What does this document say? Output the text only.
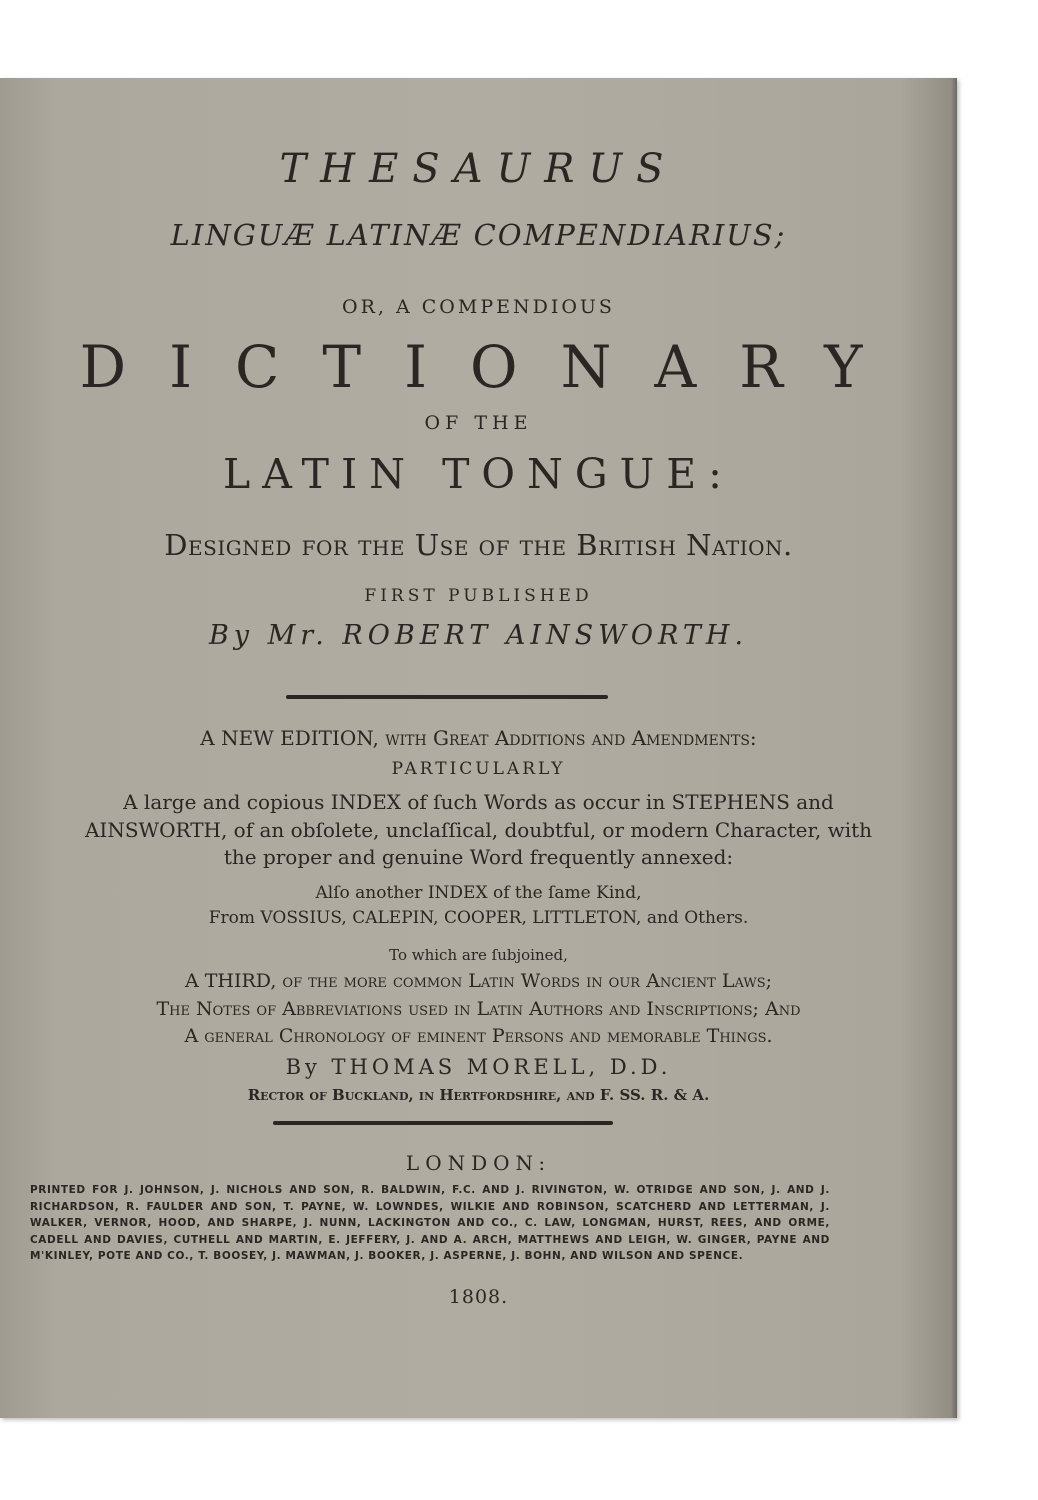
THESAURUS
LINGUÆ LATINÆ COMPENDIARIUS;
OR, A COMPENDIOUS
DICTIONARY
OF THE
LATIN TONGUE:
Deſigned for the Uſe of the British Nation.
FIRST PUBLISHED
By Mr. ROBERT AINSWORTH.
A NEW EDITION, with Great Additions and Amendments:
PARTICULARLY
A large and copious INDEX of ſuch Words as occur in STEPHENS and
AINSWORTH, of an obſolete, unclaſſical, doubtful, or modern Character, with
the proper and genuine Word frequently annexed:
Alſo another INDEX of the ſame Kind,
From VOSSIUS, CALEPIN, COOPER, LITTLETON, and Others.
To which are ſubjoined,
A THIRD, of the more common Latin Words in our Ancient Laws;
The Notes of Abbreviations uſed in Latin Authors and Inscriptions; And
A general Chronology of eminent Persons and memorable Things.
By THOMAS MORELL, D.D.
Rector of Buckland, in Hertfordshire, and F. SS. R. & A.
LONDON:
PRINTED FOR J. JOHNSON, J. NICHOLS AND SON, R. BALDWIN, F.C. AND J. RIVINGTON, W. OTRIDGE AND SON, J. AND J. RICHARDSON, R. FAULDER AND SON, T. PAYNE, W. LOWNDES, WILKIE AND ROBINSON, SCATCHERD AND LETTERMAN, J. WALKER, VERNOR, HOOD, AND SHARPE, J. NUNN, LACKINGTON AND CO., C. LAW, LONGMAN, HURST, REES, AND ORME, CADELL AND DAVIES, CUTHELL AND MARTIN, E. JEFFERY, J. AND A. ARCH, MATTHEWS AND LEIGH, W. GINGER, PAYNE AND M'KINLEY, POTE AND CO., T. BOOSEY, J. MAWMAN, J. BOOKER, J. ASPERNE, J. BOHN, AND WILSON AND SPENCE.
1808.
